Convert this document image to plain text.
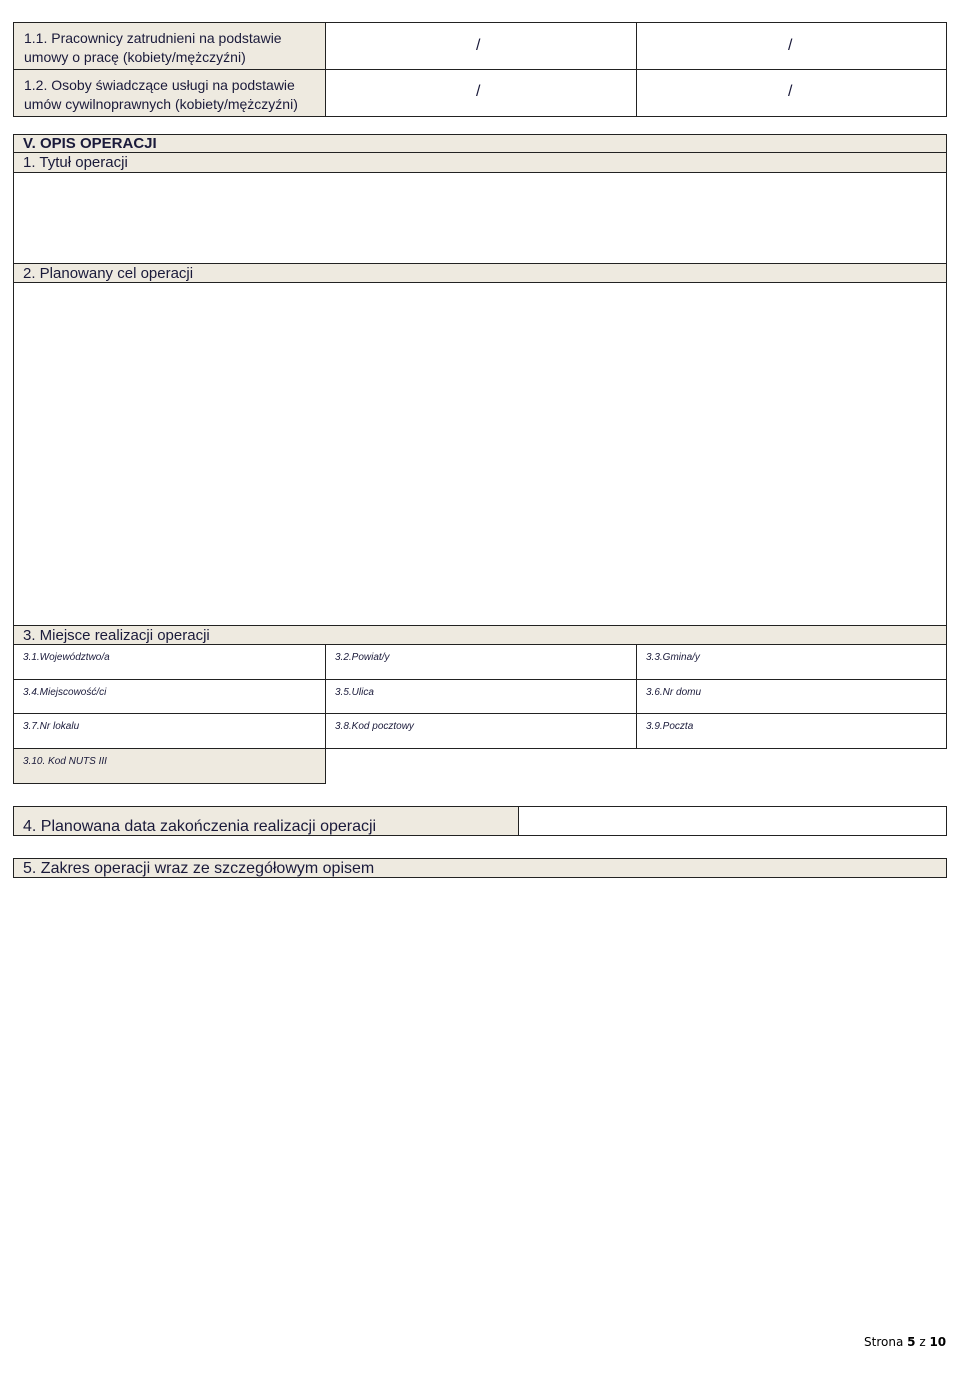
1.1. Pracownicy zatrudnieni na podstawie umowy o pracę (kobiety/mężczyźni)
/	/
1.2. Osoby świadczące usługi na podstawie umów cywilnoprawnych (kobiety/mężczyźni)
/	/
V. OPIS OPERACJI
1. Tytuł operacji
2. Planowany cel operacji
3. Miejsce realizacji operacji
3.1.Województwo/a	3.2.Powiat/y	3.3.Gmina/y
3.4.Miejscowość/ci	3.5.Ulica	3.6.Nr domu
3.7.Nr lokalu	3.8.Kod pocztowy	3.9.Poczta
3.10. Kod NUTS III
4. Planowana data zakończenia realizacji operacji
5. Zakres operacji wraz ze szczegółowym opisem
Strona 5 z 10
